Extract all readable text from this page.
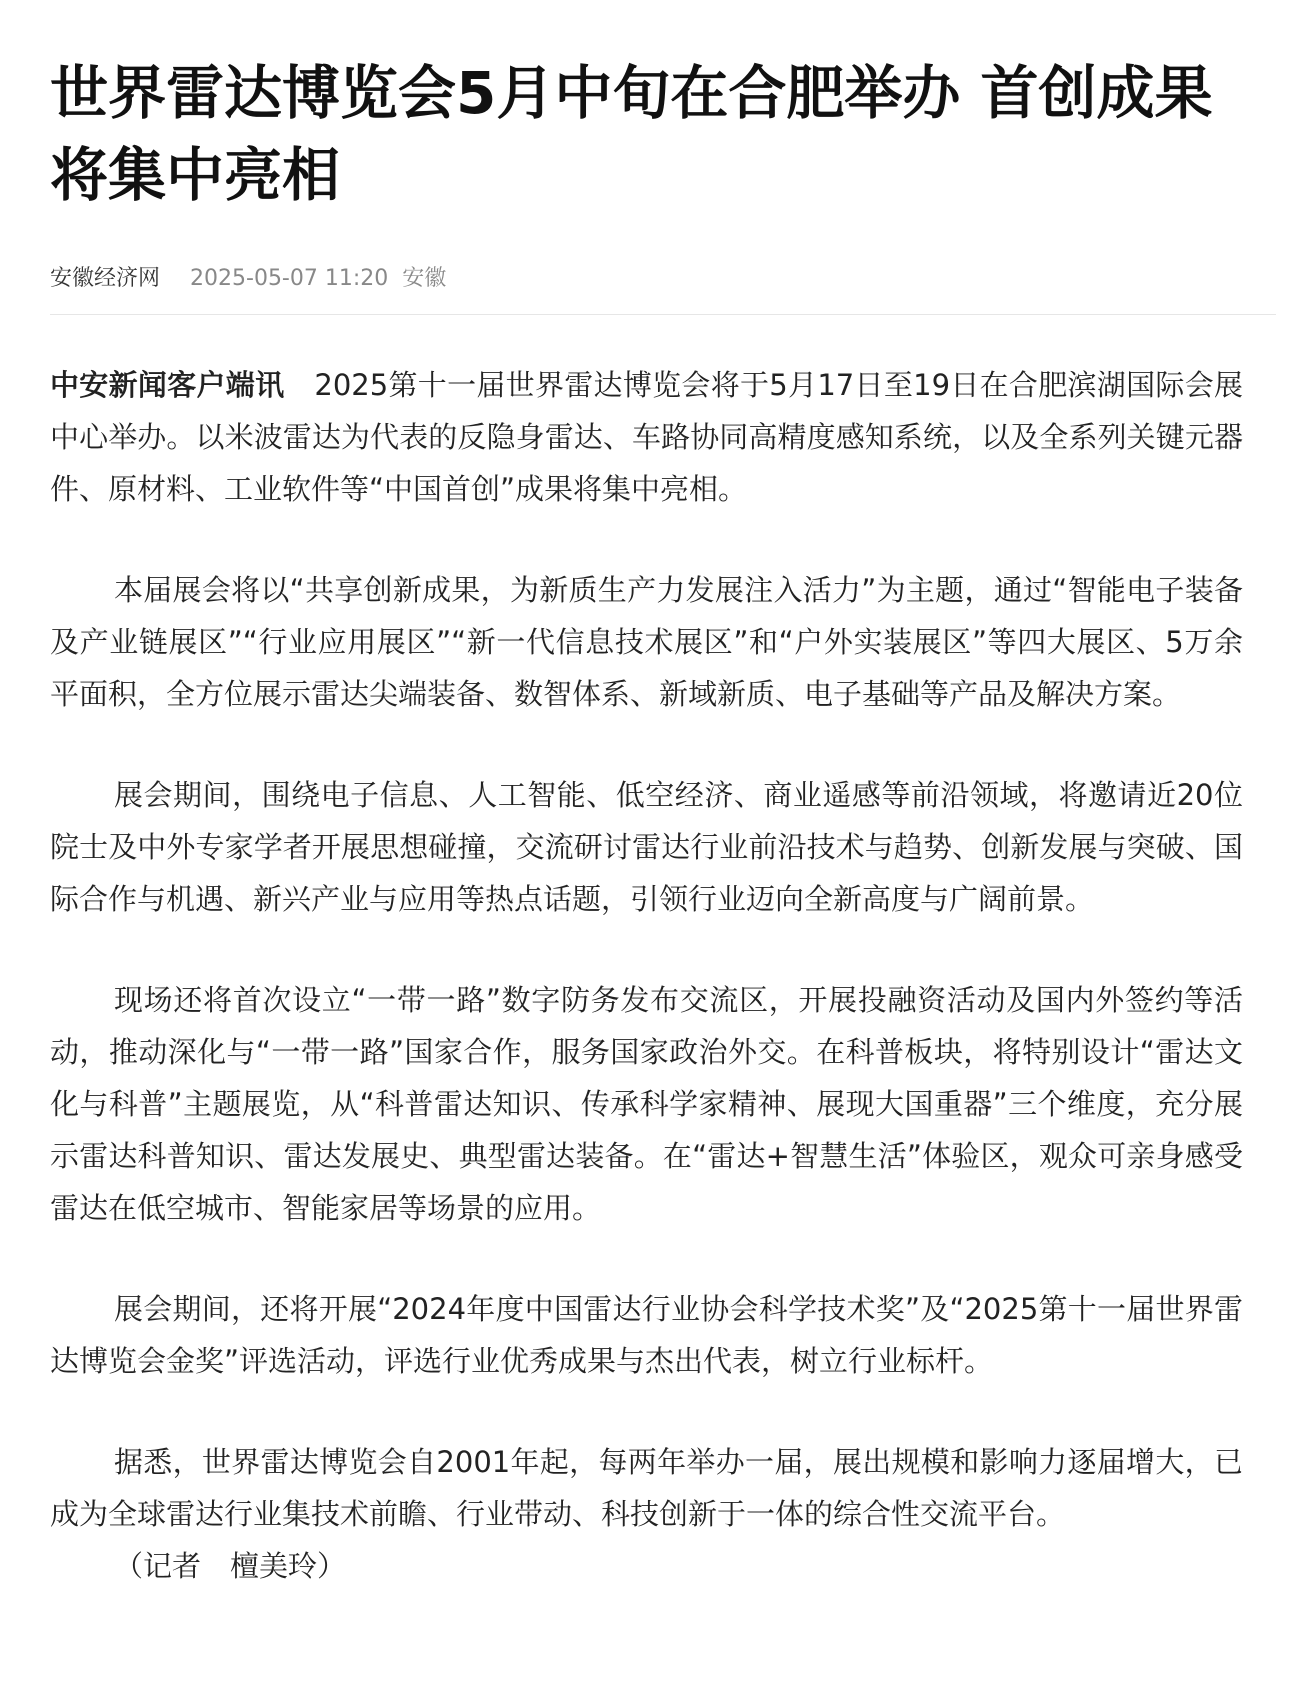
世界雷达博览会5月中旬在合肥举办 首创成果将集中亮相
安徽经济网 2025-05-07 11:20 安徽

中安新闻客户端讯 2025第十一届世界雷达博览会将于5月17日至19日在合肥滨湖国际会展中心举办。以米波雷达为代表的反隐身雷达、车路协同高精度感知系统，以及全系列关键元器件、原材料、工业软件等“中国首创”成果将集中亮相。

本届展会将以“共享创新成果，为新质生产力发展注入活力”为主题，通过“智能电子装备及产业链展区”“行业应用展区”“新一代信息技术展区”和“户外实装展区”等四大展区、5万余平面积，全方位展示雷达尖端装备、数智体系、新域新质、电子基础等产品及解决方案。

展会期间，围绕电子信息、人工智能、低空经济、商业遥感等前沿领域，将邀请近20位院士及中外专家学者开展思想碰撞，交流研讨雷达行业前沿技术与趋势、创新发展与突破、国际合作与机遇、新兴产业与应用等热点话题，引领行业迈向全新高度与广阔前景。

现场还将首次设立“一带一路”数字防务发布交流区，开展投融资活动及国内外签约等活动，推动深化与“一带一路”国家合作，服务国家政治外交。在科普板块，将特别设计“雷达文化与科普”主题展览，从“科普雷达知识、传承科学家精神、展现大国重器”三个维度，充分展示雷达科普知识、雷达发展史、典型雷达装备。在“雷达+智慧生活”体验区，观众可亲身感受雷达在低空城市、智能家居等场景的应用。

展会期间，还将开展“2024年度中国雷达行业协会科学技术奖”及“2025第十一届世界雷达博览会金奖”评选活动，评选行业优秀成果与杰出代表，树立行业标杆。

据悉，世界雷达博览会自2001年起，每两年举办一届，展出规模和影响力逐届增大，已成为全球雷达行业集技术前瞻、行业带动、科技创新于一体的综合性交流平台。
（记者　檀美玲）
